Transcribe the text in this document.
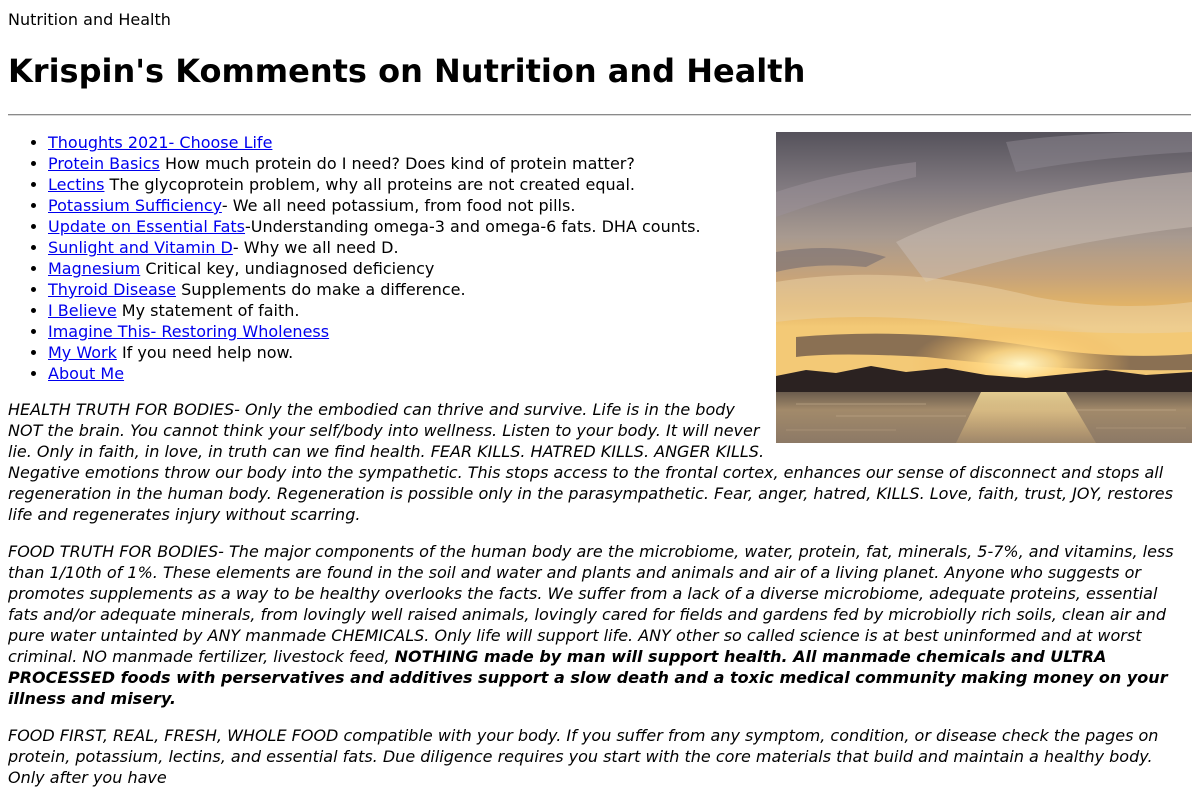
Nutrition and Health

Krispin's Komments on Nutrition and Health
• Thoughts 2021- Choose Life
• Protein Basics How much protein do I need? Does kind of protein matter?
• Lectins The glycoprotein problem, why all proteins are not created equal.
• Potassium Sufficiency- We all need potassium, from food not pills.
• Update on Essential Fats-Understanding omega-3 and omega-6 fats. DHA counts.
• Sunlight and Vitamin D- Why we all need D.
• Magnesium Critical key, undiagnosed deficiency
• Thyroid Disease Supplements do make a difference.
• I Believe My statement of faith.
• Imagine This- Restoring Wholeness
• My Work If you need help now.
• About Me

HEALTH TRUTH FOR BODIES- Only the embodied can thrive and survive. Life is in the body NOT the brain. You cannot think your self/body into wellness. Listen to your body. It will never lie. Only in faith, in love, in truth can we find health. FEAR KILLS. HATRED KILLS. ANGER KILLS. Negative emotions throw our body into the sympathetic. This stops access to the frontal cortex, enhances our sense of disconnect and stops all regeneration in the human body. Regeneration is possible only in the parasympathetic. Fear, anger, hatred, KILLS. Love, faith, trust, JOY, restores life and regenerates injury without scarring.

FOOD TRUTH FOR BODIES- The major components of the human body are the microbiome, water, protein, fat, minerals, 5-7%, and vitamins, less than 1/10th of 1%. These elements are found in the soil and water and plants and animals and air of a living planet. Anyone who suggests or promotes supplements as a way to be healthy overlooks the facts. We suffer from a lack of a diverse microbiome, adequate proteins, essential fats and/or adequate minerals, from lovingly well raised animals, lovingly cared for fields and gardens fed by microbiolly rich soils, clean air and pure water untainted by ANY manmade CHEMICALS. Only life will support life. ANY other so called science is at best uninformed and at worst criminal. NO manmade fertilizer, livestock feed, NOTHING made by man will support health. All manmade chemicals and ULTRA PROCESSED foods with perservatives and additives support a slow death and a toxic medical community making money on your illness and misery.

FOOD FIRST, REAL, FRESH, WHOLE FOOD compatible with your body. If you suffer from any symptom, condition, or disease check the pages on protein, potassium, lectins, and essential fats. Due diligence requires you start with the core materials that build and maintain a healthy body. Only after you have
